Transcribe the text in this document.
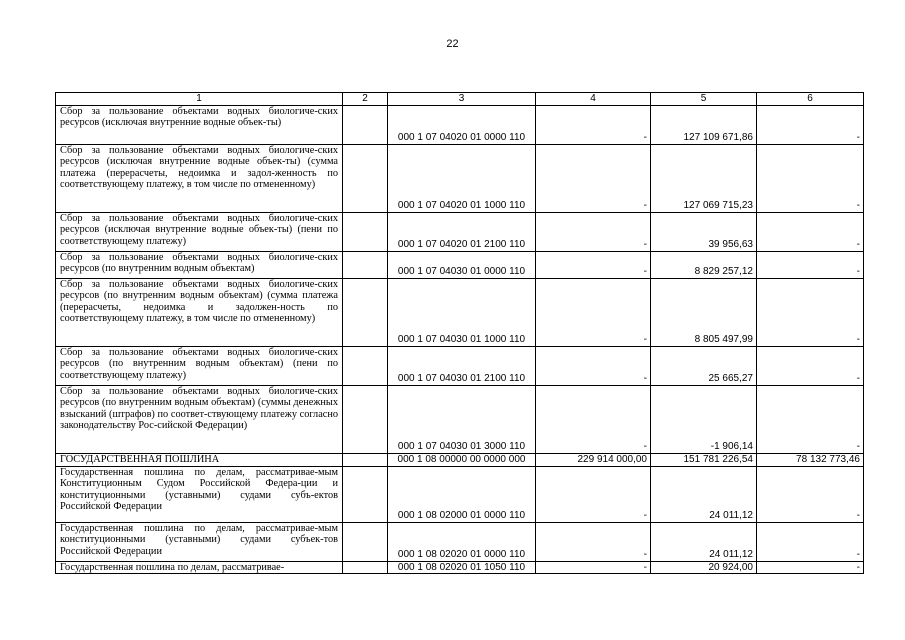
22
1	2	3	4	5	6
Сбор за пользование объектами водных биологиче-ских ресурсов (исключая внутренние водные объек-ты)		000 1 07 04020 01 0000 110	-	127 109 671,86	-
Сбор за пользование объектами водных биологиче-ских ресурсов (исключая внутренние водные объек-ты) (сумма платежа (перерасчеты, недоимка и задол-женность по соответствующему платежу, в том числе по отмененному)		000 1 07 04020 01 1000 110	-	127 069 715,23	-
Сбор за пользование объектами водных биологиче-ских ресурсов (исключая внутренние водные объек-ты) (пени по соответствующему платежу)		000 1 07 04020 01 2100 110	-	39 956,63	-
Сбор за пользование объектами водных биологиче-ских ресурсов (по внутренним водным объектам)		000 1 07 04030 01 0000 110	-	8 829 257,12	-
Сбор за пользование объектами водных биологиче-ских ресурсов (по внутренним водным объектам) (сумма платежа (перерасчеты, недоимка и задолжен-ность по соответствующему платежу, в том числе по отмененному)		000 1 07 04030 01 1000 110	-	8 805 497,99	-
Сбор за пользование объектами водных биологиче-ских ресурсов (по внутренним водным объектам) (пени по соответствующему платежу)		000 1 07 04030 01 2100 110	-	25 665,27	-
Сбор за пользование объектами водных биологиче-ских ресурсов (по внутренним водным объектам) (суммы денежных взысканий (штрафов) по соответ-ствующему платежу согласно законодательству Рос-сийской Федерации)		000 1 07 04030 01 3000 110	-	-1 906,14	-
ГОСУДАРСТВЕННАЯ ПОШЛИНА		000 1 08 00000 00 0000 000	229 914 000,00	151 781 226,54	78 132 773,46
Государственная пошлина по делам, рассматривае-мым Конституционным Судом Российской Федера-ции и конституционными (уставными) судами субъ-ектов Российской Федерации		000 1 08 02000 01 0000 110	-	24 011,12	-
Государственная пошлина по делам, рассматривае-мым конституционными (уставными) судами субъек-тов Российской Федерации		000 1 08 02020 01 0000 110	-	24 011,12	-
Государственная пошлина по делам, рассматривае-		000 1 08 02020 01 1050 110	-	20 924,00	-
